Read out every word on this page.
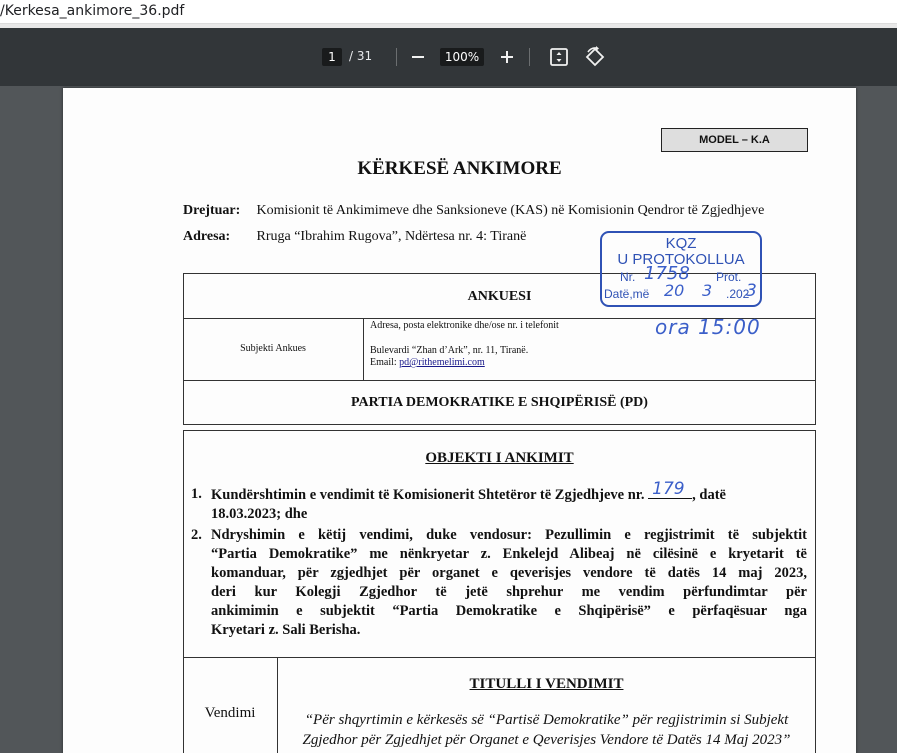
/Kerkesa_ankimore_36.pdf
1	/ 31	100%
MODEL – K.A
KËRKESË ANKIMORE
Drejtuar: Komisionit të Ankimimeve dhe Sanksioneve (KAS) në Komisionin Qendror të Zgjedhjeve
Adresa: Rruga “Ibrahim Rugova”, Ndërtesa nr. 4: Tiranë
ANKUESI
Subjekti Ankues
Adresa, posta elektronike dhe/ose nr. i telefonit
Bulevardi “Zhan d’Ark”, nr. 11, Tiranë.
Email: pd@rithemelimi.com
PARTIA DEMOKRATIKE E SHQIPËRISË (PD)
KQZ
U PROTOKOLLUA
Nr.	Prot.
Datë,më	.202
1758
20 3 3
ora 15:00
OBJEKTI I ANKIMIT
1. Kundërshtimin e vendimit të Komisionerit Shtetëror të Zgjedhjeve nr. 179 , datë
18.03.2023; dhe
2. Ndryshimin e këtij vendimi, duke vendosur: Pezullimin e regjistrimit të subjektit
“Partia Demokratike” me nënkryetar z. Enkelejd Alibeaj në cilësinë e kryetarit të
komanduar, për zgjedhjet për organet e qeverisjes vendore të datës 14 maj 2023,
deri kur Kolegji Zgjedhor të jetë shprehur me vendim përfundimtar për
ankimimin e subjektit “Partia Demokratike e Shqipërisë” e përfaqësuar nga
Kryetari z. Sali Berisha.
Vendimi
TITULLI I VENDIMIT
“Për shqyrtimin e kërkesës së “Partisë Demokratike” për regjistrimin si Subjekt
Zgjedhor për Zgjedhjet për Organet e Qeverisjes Vendore të Datës 14 Maj 2023”
